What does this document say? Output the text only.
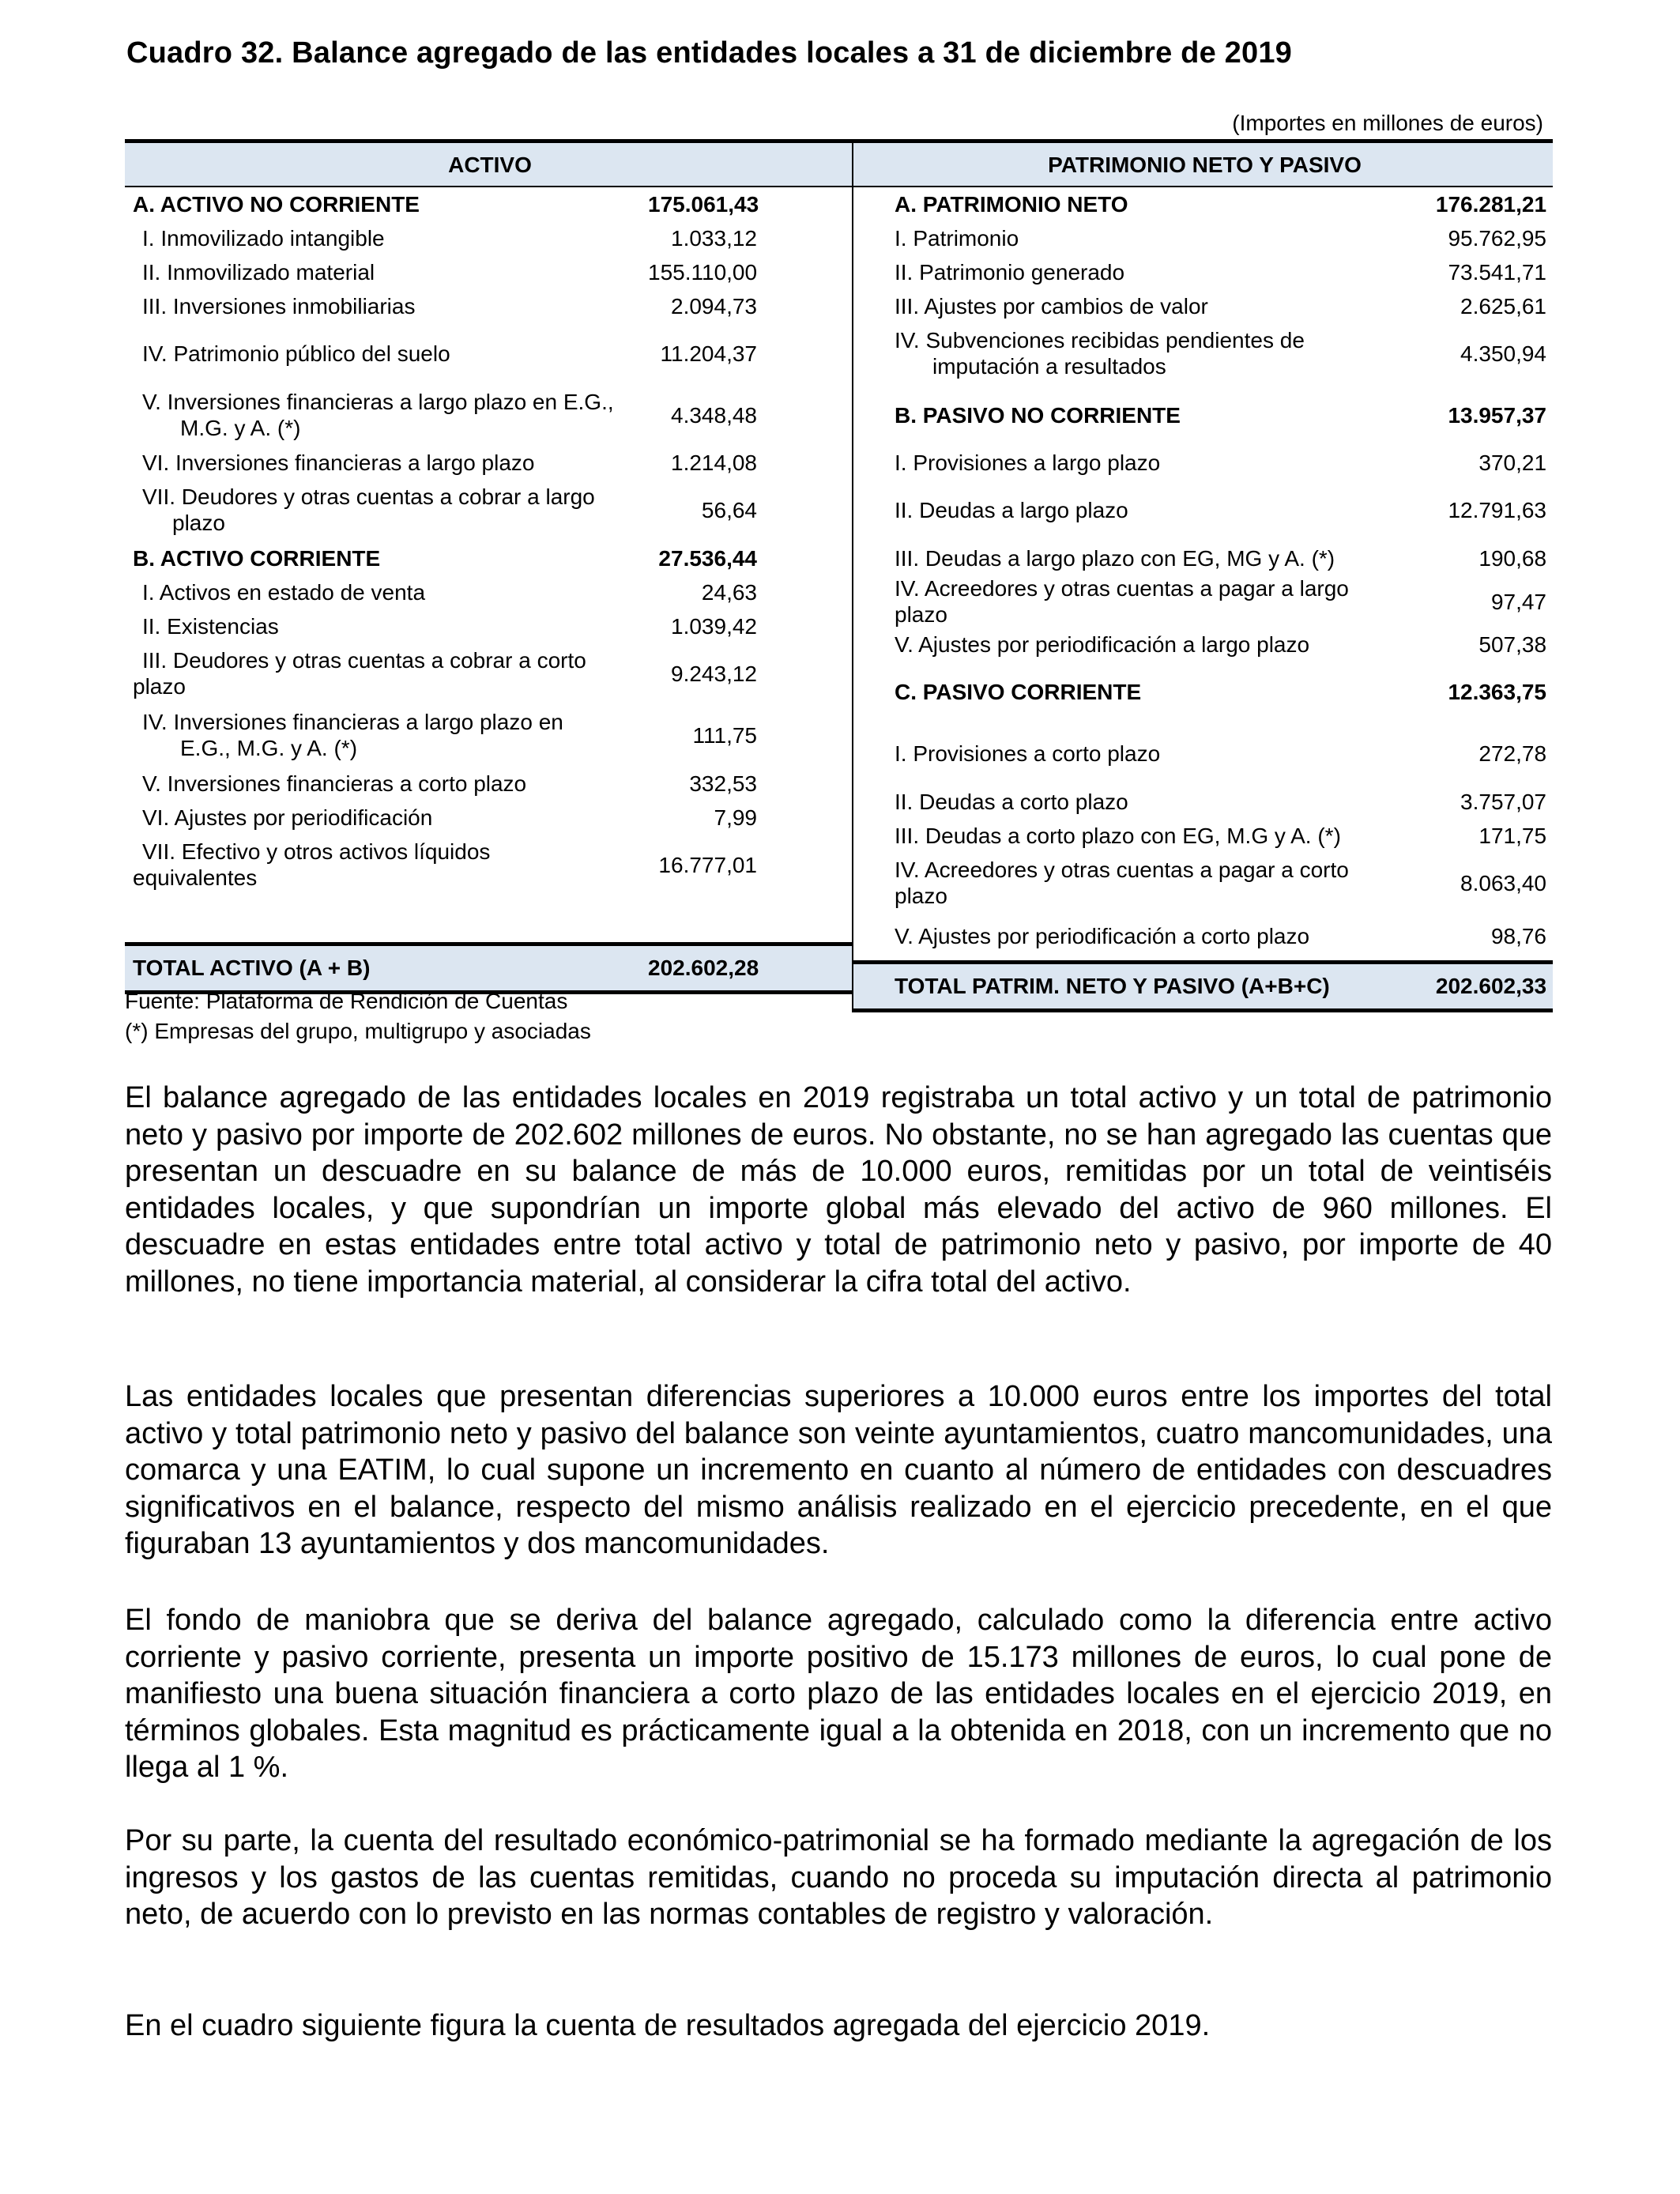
Cuadro 32. Balance agregado de las entidades locales a 31 de diciembre de 2019
(Importes en millones de euros)
ACTIVO	
A. ACTIVO NO CORRIENTE	175.061,43
I. Inmovilizado intangible	1.033,12
II. Inmovilizado material	155.110,00
III. Inversiones inmobiliarias	2.094,73
IV. Patrimonio público del suelo	11.204,37
V. Inversiones financieras a largo plazo en E.G.,
M.G. y A. (*)	4.348,48
VI. Inversiones financieras a largo plazo	1.214,08
VII. Deudores y otras cuentas a cobrar a largo
plazo	56,64
B. ACTIVO CORRIENTE	27.536,44
I. Activos en estado de venta	24,63
II. Existencias	1.039,42
III. Deudores y otras cuentas a cobrar a corto
plazo	9.243,12
IV. Inversiones financieras a largo plazo en
E.G., M.G. y A. (*)	111,75
V. Inversiones financieras a corto plazo	332,53
VI. Ajustes por periodificación	7,99
VII. Efectivo y otros activos líquidos
equivalentes	16.777,01

TOTAL ACTIVO (A + B)	202.602,28
PATRIMONIO NETO Y PASIVO	
A. PATRIMONIO NETO	176.281,21
I. Patrimonio	95.762,95
II. Patrimonio generado	73.541,71
III. Ajustes por cambios de valor	2.625,61
IV. Subvenciones recibidas pendientes de
imputación a resultados	4.350,94
B. PASIVO NO CORRIENTE	13.957,37
I. Provisiones a largo plazo	370,21
II. Deudas a largo plazo	12.791,63
III. Deudas a largo plazo con EG, MG y A. (*)	190,68
IV. Acreedores y otras cuentas a pagar a largo plazo	97,47
V. Ajustes por periodificación a largo plazo	507,38
C. PASIVO CORRIENTE	12.363,75
I. Provisiones a corto plazo	272,78
II. Deudas a corto plazo	3.757,07
III. Deudas a corto plazo con EG, M.G y A. (*)	171,75
IV. Acreedores y otras cuentas a pagar a corto plazo	8.063,40
V. Ajustes por periodificación a corto plazo	98,76
TOTAL PATRIM. NETO Y PASIVO (A+B+C)	202.602,33
Fuente: Plataforma de Rendición de Cuentas
(*) Empresas del grupo, multigrupo y asociadas

El balance agregado de las entidades locales en 2019 registraba un total activo y un total de patrimonio neto y pasivo por importe de 202.602 millones de euros. No obstante, no se han agregado las cuentas que presentan un descuadre en su balance de más de 10.000 euros, remitidas por un total de veintiséis entidades locales, y que supondrían un importe global más elevado del activo de 960 millones. El descuadre en estas entidades entre total activo y total de patrimonio neto y pasivo, por importe de 40 millones, no tiene importancia material, al considerar la cifra total del activo.

Las entidades locales que presentan diferencias superiores a 10.000 euros entre los importes del total activo y total patrimonio neto y pasivo del balance son veinte ayuntamientos, cuatro mancomunidades, una comarca y una EATIM, lo cual supone un incremento en cuanto al número de entidades con descuadres significativos en el balance, respecto del mismo análisis realizado en el ejercicio precedente, en el que figuraban 13 ayuntamientos y dos mancomunidades.

El fondo de maniobra que se deriva del balance agregado, calculado como la diferencia entre activo corriente y pasivo corriente, presenta un importe positivo de 15.173 millones de euros, lo cual pone de manifiesto una buena situación financiera a corto plazo de las entidades locales en el ejercicio 2019, en términos globales. Esta magnitud es prácticamente igual a la obtenida en 2018, con un incremento que no llega al 1 %.

Por su parte, la cuenta del resultado económico-patrimonial se ha formado mediante la agregación de los ingresos y los gastos de las cuentas remitidas, cuando no proceda su imputación directa al patrimonio neto, de acuerdo con lo previsto en las normas contables de registro y valoración.

En el cuadro siguiente figura la cuenta de resultados agregada del ejercicio 2019.
